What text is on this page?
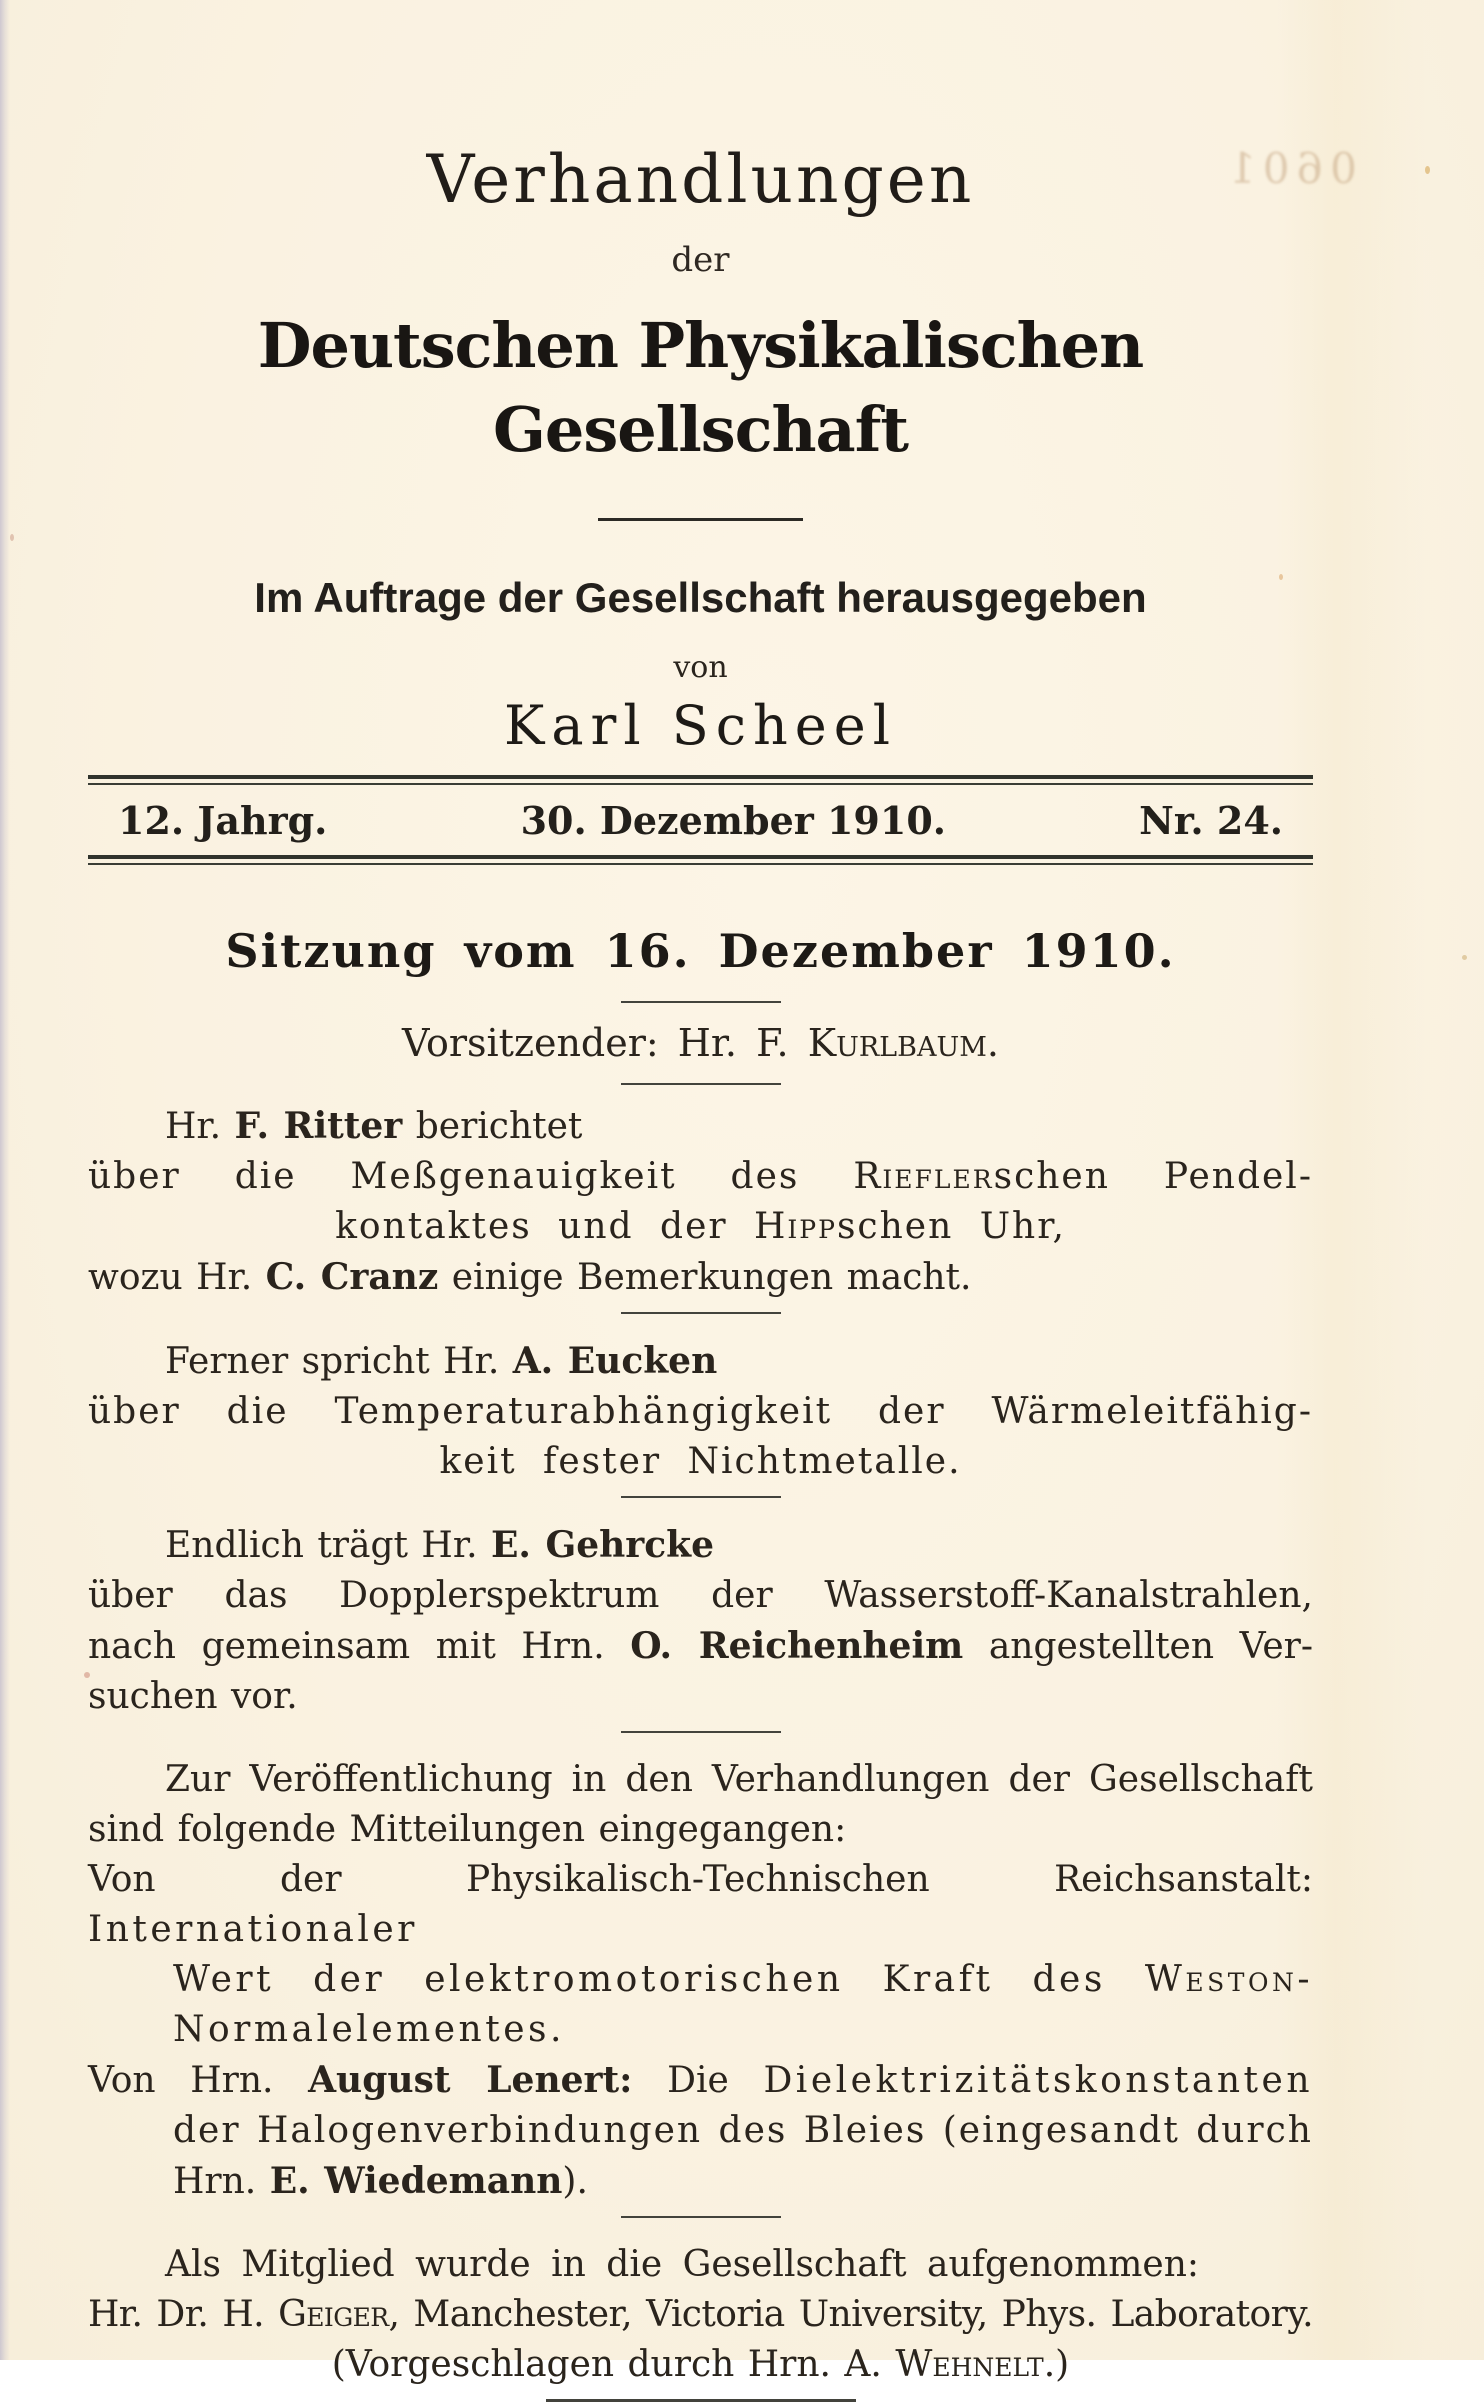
0601
Verhandlungen
der
Deutschen Physikalischen Gesellschaft
Im Auftrage der Gesellschaft herausgegeben
von
Karl Scheel
12. Jahrg.	30. Dezember 1910.	Nr. 24.
Sitzung vom 16. Dezember 1910.
Vorsitzender: Hr. F. Kurlbaum.
Hr. F. Ritter berichtet
über die Meßgenauigkeit des Rieflerschen Pendel-
kontaktes und der Hippschen Uhr,
wozu Hr. C. Cranz einige Bemerkungen macht.
Ferner spricht Hr. A. Eucken
über die Temperaturabhängigkeit der Wärmeleitfähig-
keit fester Nichtmetalle.
Endlich trägt Hr. E. Gehrcke
über das Dopplerspektrum der Wasserstoff-Kanalstrahlen,
nach gemeinsam mit Hrn. O. Reichenheim angestellten Ver-
suchen vor.
Zur Veröffentlichung in den Verhandlungen der Gesellschaft
sind folgende Mitteilungen eingegangen:
Von der Physikalisch-Technischen Reichsanstalt: Internationaler
Wert der elektromotorischen Kraft des Weston-
Normalelementes.
Von Hrn. August Lenert: Die Dielektrizitätskonstanten
der Halogenverbindungen des Bleies (eingesandt durch
Hrn. E. Wiedemann).
Als Mitglied wurde in die Gesellschaft aufgenommen:
Hr. Dr. H. Geiger, Manchester, Victoria University, Phys. Laboratory.
(Vorgeschlagen durch Hrn. A. Wehnelt.)
